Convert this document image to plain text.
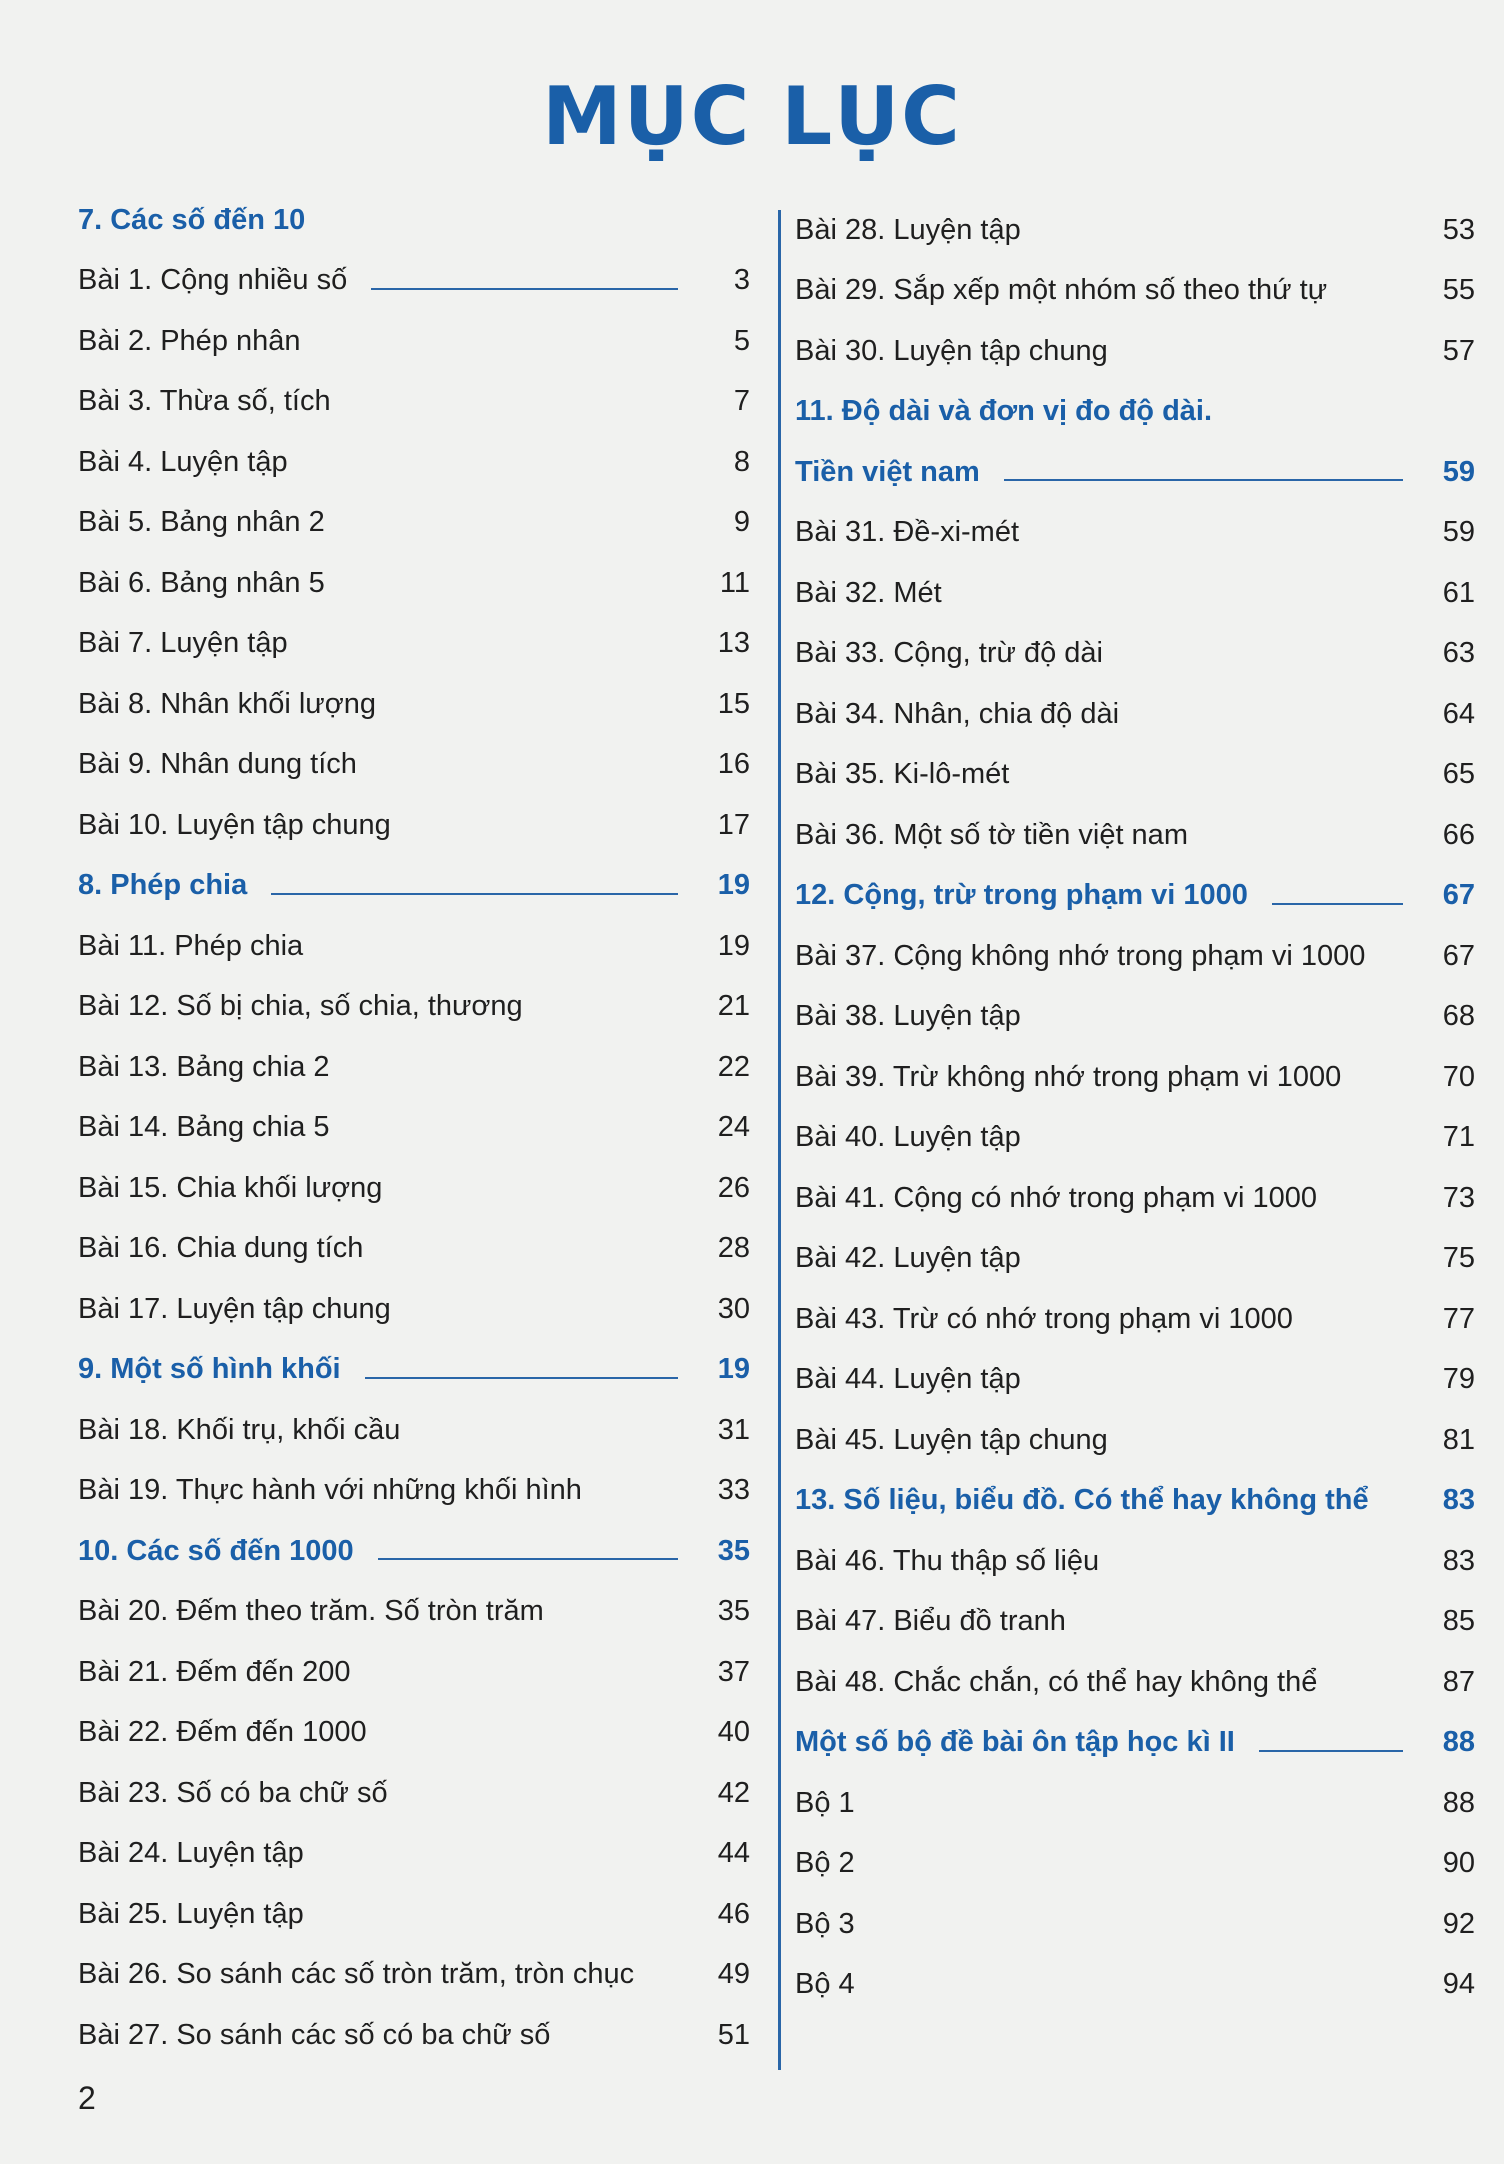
MỤC LỤC
7. Các số đến 10
Bài 1. Cộng nhiều số	3
Bài 2. Phép nhân	5
Bài 3. Thừa số, tích	7
Bài 4. Luyện tập	8
Bài 5. Bảng nhân 2	9
Bài 6. Bảng nhân 5	11
Bài 7. Luyện tập	13
Bài 8. Nhân khối lượng	15
Bài 9. Nhân dung tích	16
Bài 10. Luyện tập chung	17
8. Phép chia	19
Bài 11. Phép chia	19
Bài 12. Số bị chia, số chia, thương	21
Bài 13. Bảng chia 2	22
Bài 14. Bảng chia 5	24
Bài 15. Chia khối lượng	26
Bài 16. Chia dung tích	28
Bài 17. Luyện tập chung	30
9. Một số hình khối	19
Bài 18. Khối trụ, khối cầu	31
Bài 19. Thực hành với những khối hình	33
10. Các số đến 1000	35
Bài 20. Đếm theo trăm. Số tròn trăm	35
Bài 21. Đếm đến 200	37
Bài 22. Đếm đến 1000	40
Bài 23. Số có ba chữ số	42
Bài 24. Luyện tập	44
Bài 25. Luyện tập	46
Bài 26. So sánh các số tròn trăm, tròn chục	49
Bài 27. So sánh các số có ba chữ số	51
Bài 28. Luyện tập	53
Bài 29. Sắp xếp một nhóm số theo thứ tự	55
Bài 30. Luyện tập chung	57
11. Độ dài và đơn vị đo độ dài.
Tiền việt nam	59
Bài 31. Đề-xi-mét	59
Bài 32. Mét	61
Bài 33. Cộng, trừ độ dài	63
Bài 34. Nhân, chia độ dài	64
Bài 35. Ki-lô-mét	65
Bài 36. Một số tờ tiền việt nam	66
12. Cộng, trừ trong phạm vi 1000	67
Bài 37. Cộng không nhớ trong phạm vi 1000	67
Bài 38. Luyện tập	68
Bài 39. Trừ không nhớ trong phạm vi 1000	70
Bài 40. Luyện tập	71
Bài 41. Cộng có nhớ trong phạm vi 1000	73
Bài 42. Luyện tập	75
Bài 43. Trừ có nhớ trong phạm vi 1000	77
Bài 44. Luyện tập	79
Bài 45. Luyện tập chung	81
13. Số liệu, biểu đồ. Có thể hay không thể	83
Bài 46. Thu thập số liệu	83
Bài 47. Biểu đồ tranh	85
Bài 48. Chắc chắn, có thể hay không thể	87
Một số bộ đề bài ôn tập học kì II	88
Bộ 1	88
Bộ 2	90
Bộ 3	92
Bộ 4	94
2
